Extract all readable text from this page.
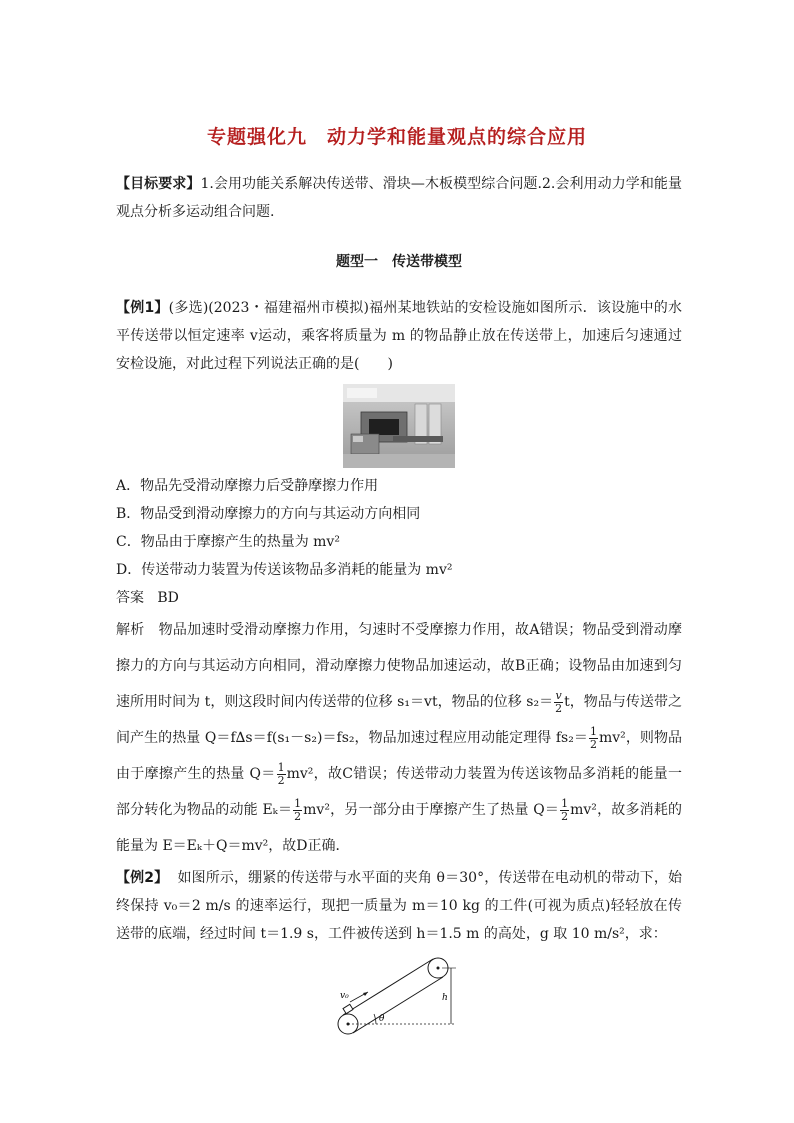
专题强化九　动力学和能量观点的综合应用

【目标要求】1.会用功能关系解决传送带、滑块—木板模型综合问题.2.会利用动力学和能量观点分析多运动组合问题.

题型一　传送带模型

【例1】(多选)(2023・福建福州市模拟)福州某地铁站的安检设施如图所示．该设施中的水平传送带以恒定速率 v运动，乘客将质量为 m 的物品静止放在传送带上，加速后匀速通过安检设施，对此过程下列说法正确的是(　　)

A．物品先受滑动摩擦力后受静摩擦力作用

B．物品受到滑动摩擦力的方向与其运动方向相同

C．物品由于摩擦产生的热量为 mv²

D．传送带动力装置为传送该物品多消耗的能量为 mv²

答案 BD

解析 物品加速时受滑动摩擦力作用，匀速时不受摩擦力作用，故A错误；物品受到滑动摩擦力的方向与其运动方向相同，滑动摩擦力使物品加速运动，故B正确；设物品由加速到匀速所用时间为 t，则这段时间内传送带的位移 s₁＝vt，物品的位移 $s_2= \frac{v}{2}$ t，物品与传送带之间产生的热量 Q＝f∆s＝f(s₁－s₂)＝fs₂，物品加速过程应用动能定理得 $fs_2= \frac{1}{2} mv^2$，则物品由于摩擦产生的热量 $Q= \frac{1}{2} mv^2$，故C错误；传送带动力装置为传送该物品多消耗的能量一部分转化为物品的动能 $E_k= \frac{1}{2} mv^2$，另一部分由于摩擦产生了热量 $Q= \frac{1}{2} mv^2$，故多消耗的能量为 E＝Eₖ＋Q＝mv²，故D正确．

【例2】 如图所示，绷紧的传送带与水平面的夹角 θ＝30°，传送带在电动机的带动下，始终保持 v₀＝2 m/s 的速率运行，现把一质量为 m＝10 kg 的工件(可视为质点)轻轻放在传送带的底端，经过时间 t＝1.9 s，工件被传送到 h＝1.5 m 的高处，g 取 10 m/s²，求：

v₀
θ
h
